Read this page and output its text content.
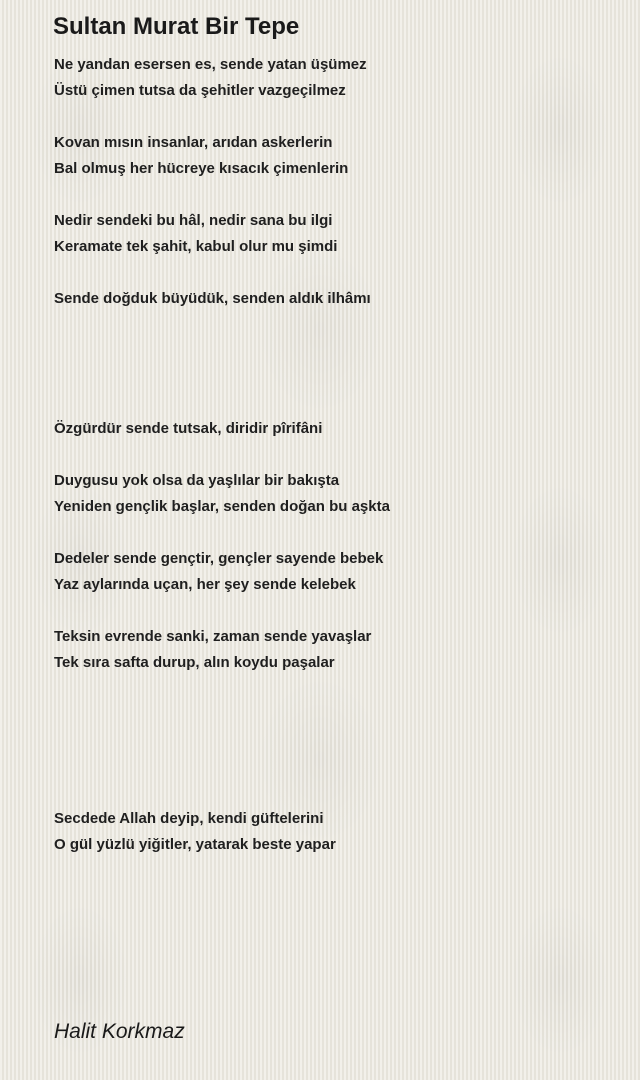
Sultan Murat Bir Tepe
Ne yandan esersen es, sende yatan üşümez
Üstü çimen tutsa da şehitler vazgeçilmez
Kovan mısın insanlar, arıdan askerlerin
Bal olmuş her hücreye kısacık çimenlerin
Nedir sendeki bu hâl, nedir sana bu ilgi
Keramate tek şahit, kabul olur mu şimdi
Sende doğduk büyüdük, senden aldık ilhâmı
Özgürdür sende tutsak, diridir pîrifâni
Duygusu yok olsa da yaşlılar bir bakışta
Yeniden gençlik başlar, senden doğan bu aşkta
Dedeler sende gençtir, gençler sayende bebek
Yaz aylarında uçan, her şey sende kelebek
Teksin evrende sanki, zaman sende yavaşlar
Tek sıra safta durup, alın koydu paşalar
Secdede Allah deyip, kendi güftelerini
O gül yüzlü yiğitler, yatarak beste yapar
Halit Korkmaz
